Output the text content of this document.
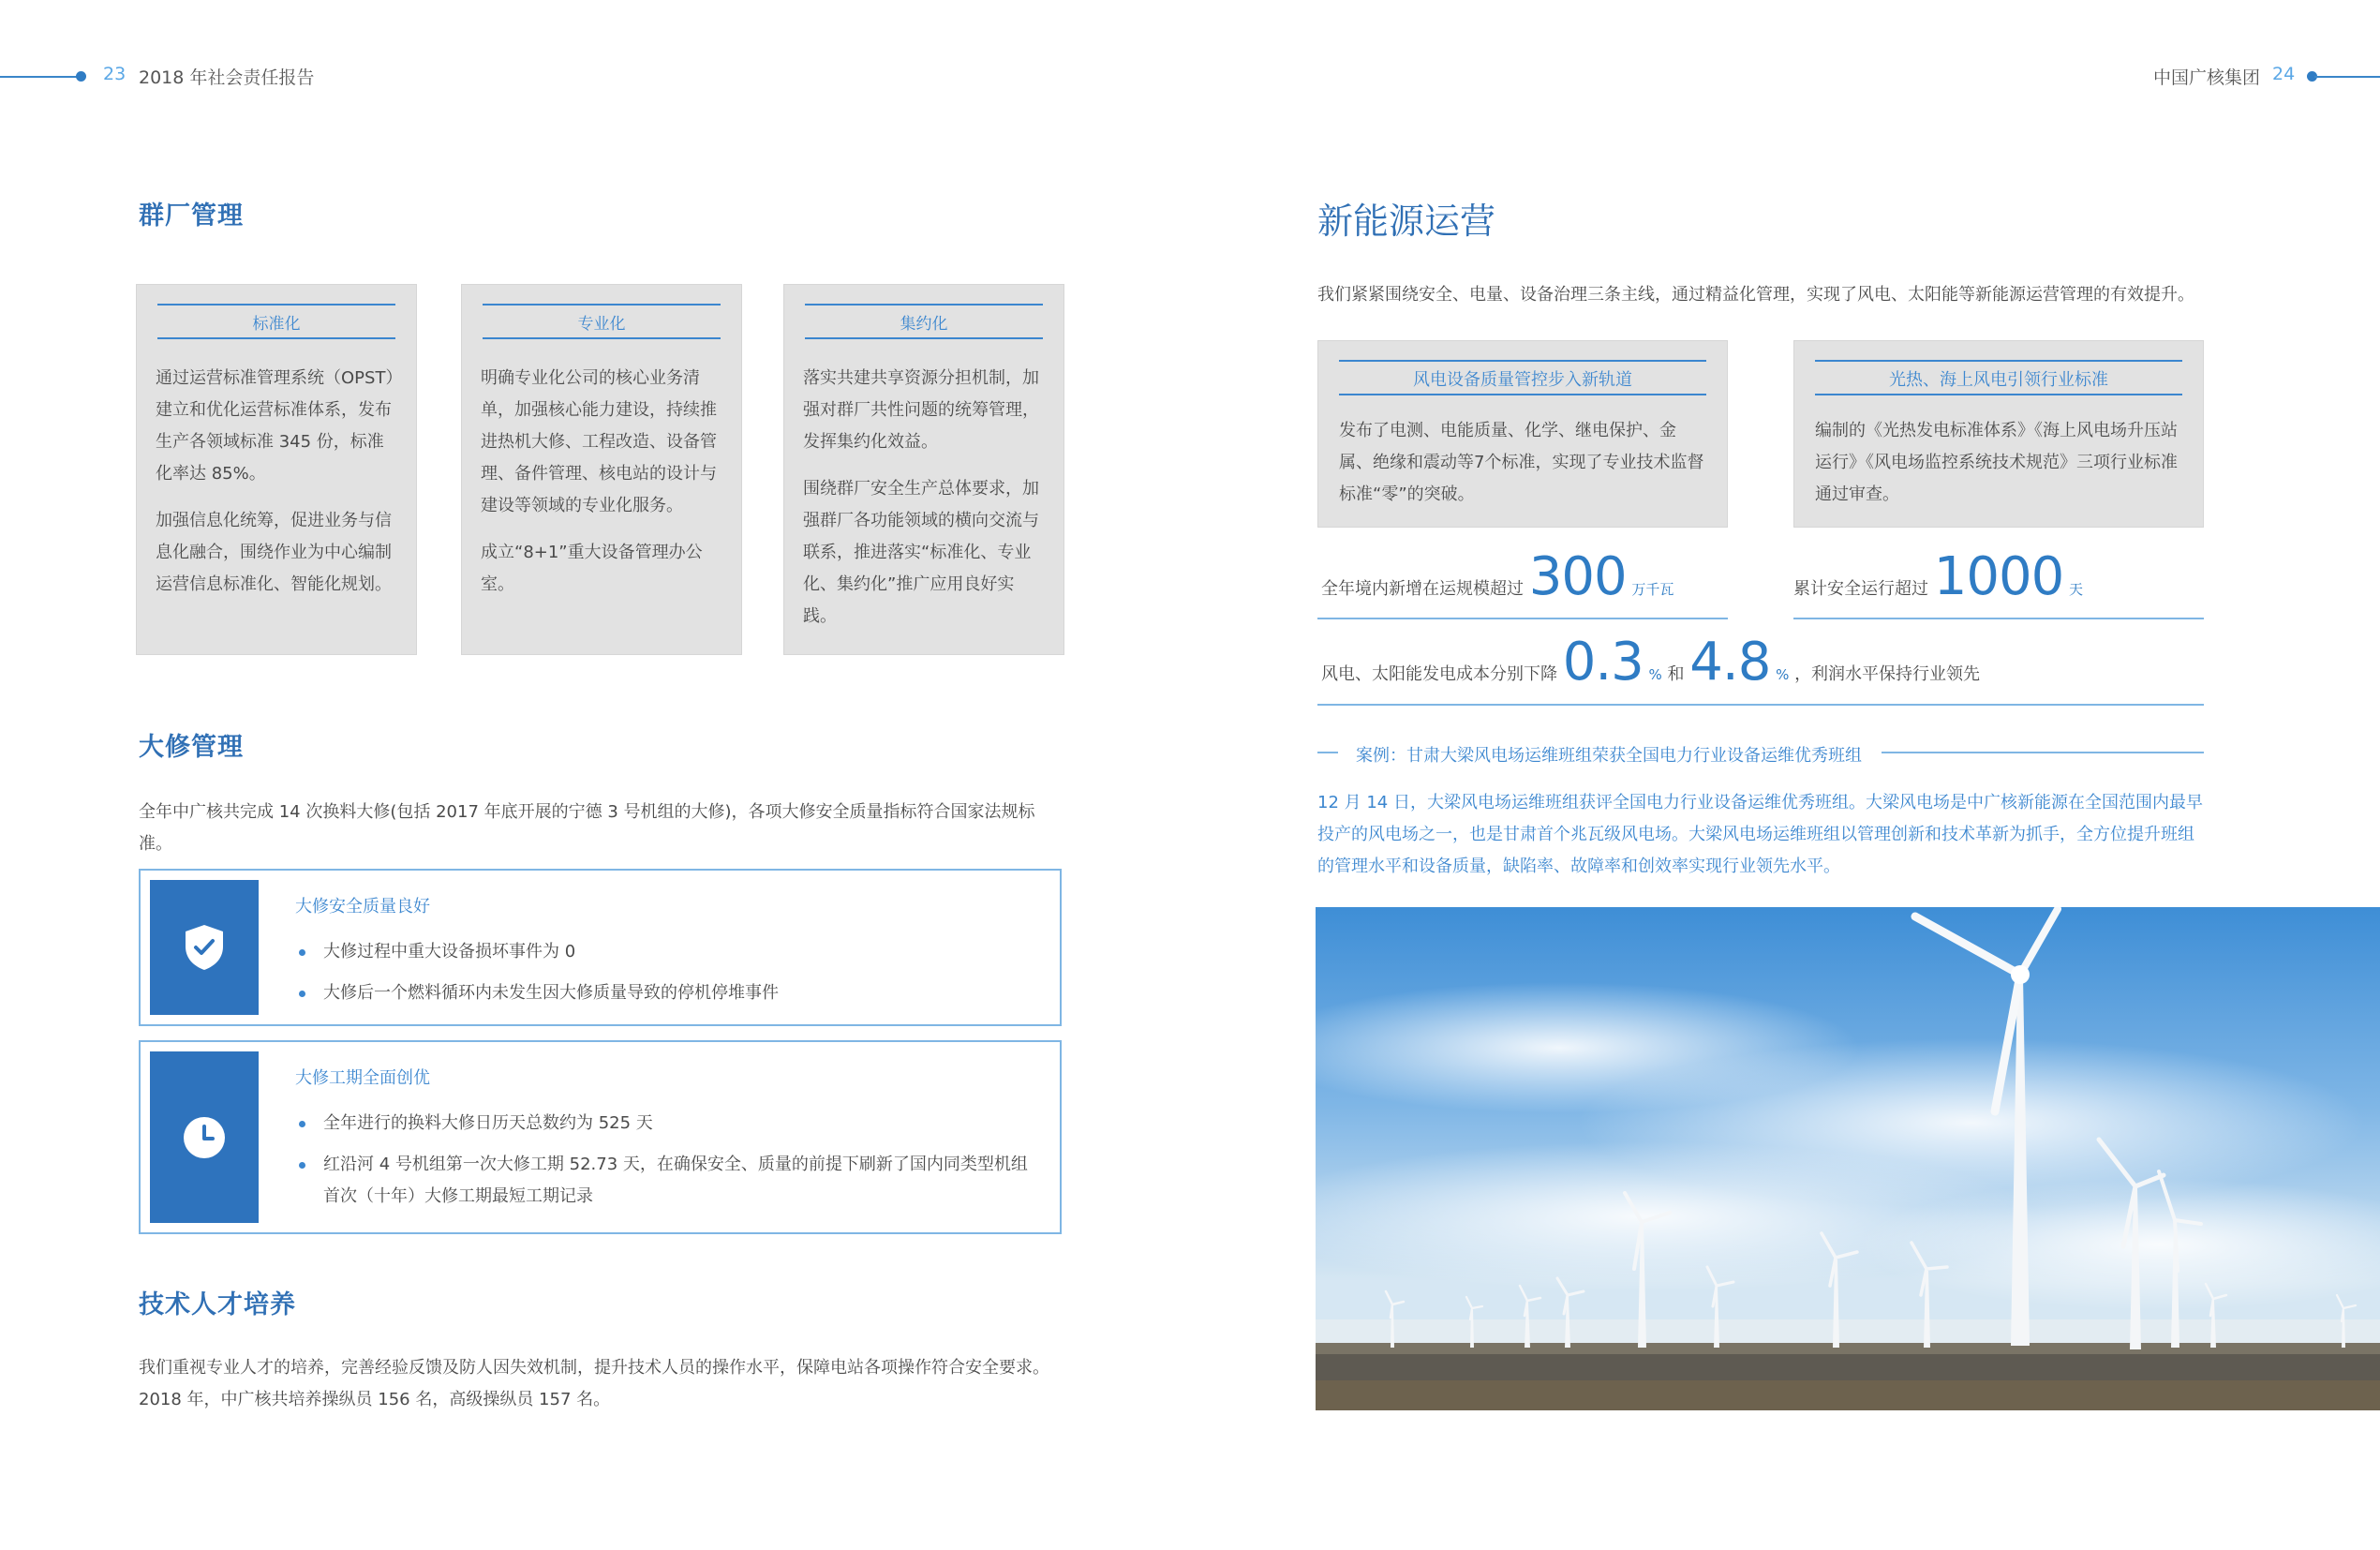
23 2018 年社会责任报告	中国广核集团 24
群厂管理
标准化

通过运营标准管理系统（OPST）建立和优化运营标准体系，发布生产各领域标准 345 份，标准化率达 85%。

加强信息化统筹，促进业务与信息化融合，围绕作业为中心编制运营信息标准化、智能化规划。

专业化

明确专业化公司的核心业务清单，加强核心能力建设，持续推进热机大修、工程改造、设备管理、备件管理、核电站的设计与建设等领域的专业化服务。

成立“8+1”重大设备管理办公室。

集约化

落实共建共享资源分担机制，加强对群厂共性问题的统筹管理，发挥集约化效益。

围绕群厂安全生产总体要求，加强群厂各功能领域的横向交流与联系，推进落实“标准化、专业化、集约化”推广应用良好实践。

大修管理
全年中广核共完成 14 次换料大修(包括 2017 年底开展的宁德 3 号机组的大修)，各项大修安全质量指标符合国家法规标准。
大修安全质量良好
大修过程中重大设备损坏事件为 0
大修后一个燃料循环内未发生因大修质量导致的停机停堆事件
大修工期全面创优
全年进行的换料大修日历天总数约为 525 天
红沿河 4 号机组第一次大修工期 52.73 天，在确保安全、质量的前提下刷新了国内同类型机组首次（十年）大修工期最短工期记录
技术人才培养
我们重视专业人才的培养，完善经验反馈及防人因失效机制，提升技术人员的操作水平，保障电站各项操作符合安全要求。2018 年，中广核共培养操纵员 156 名，高级操纵员 157 名。
新能源运营
我们紧紧围绕安全、电量、设备治理三条主线，通过精益化管理，实现了风电、太阳能等新能源运营管理的有效提升。
风电设备质量管控步入新轨道
发布了电测、电能质量、化学、继电保护、金属、绝缘和震动等7个标准，实现了专业技术监督标准“零”的突破。
光热、海上风电引领行业标准
编制的《光热发电标准体系》《海上风电场升压站运行》《风电场监控系统技术规范》三项行业标准通过审查。
全年境内新增在运规模超过 300 万千瓦	累计安全运行超过 1000 天
风电、太阳能发电成本分别下降 0.3 % 和 4.8 % ，利润水平保持行业领先
案例：甘肃大梁风电场运维班组荣获全国电力行业设备运维优秀班组
12 月 14 日，大梁风电场运维班组获评全国电力行业设备运维优秀班组。大梁风电场是中广核新能源在全国范围内最早投产的风电场之一，也是甘肃首个兆瓦级风电场。大梁风电场运维班组以管理创新和技术革新为抓手，全方位提升班组的管理水平和设备质量，缺陷率、故障率和创效率实现行业领先水平。
